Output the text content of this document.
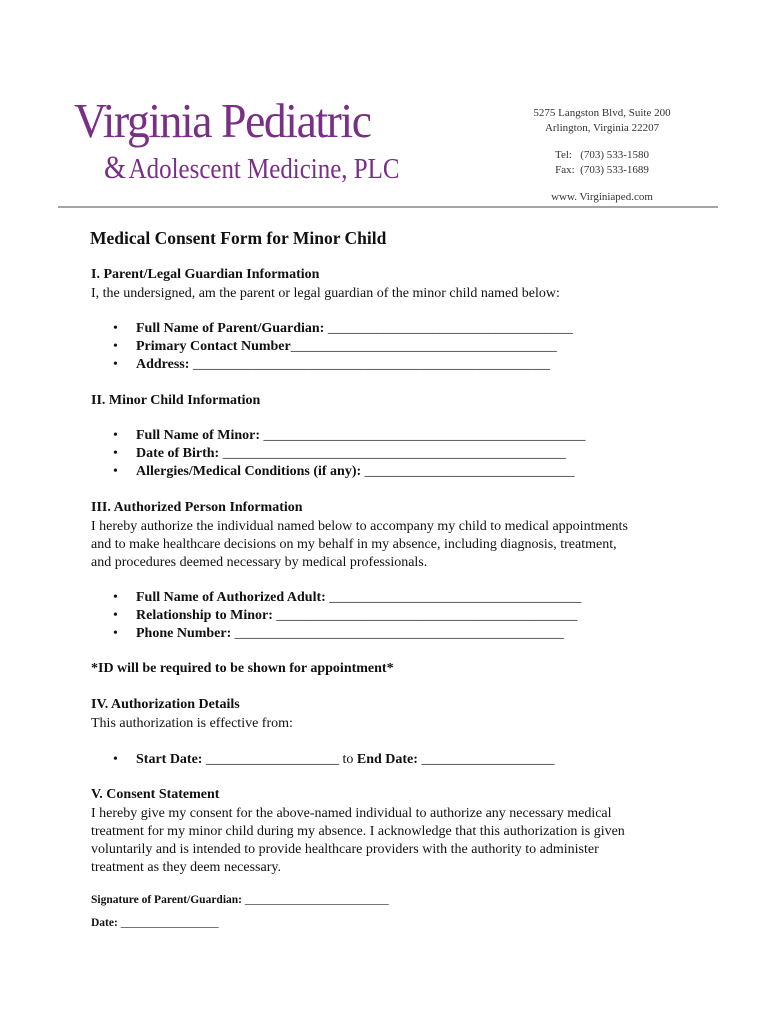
Virginia Pediatric
&Adolescent Medicine, PLC
5275 Langston Blvd, Suite 200
Arlington, Virginia 22207
Tel:   (703) 533-1580
Fax:  (703) 533-1689
www. Virginiaped.com
Medical Consent Form for Minor Child
I. Parent/Legal Guardian Information
I, the undersigned, am the parent or legal guardian of the minor child named below:
• Full Name of Parent/Guardian: ___________________________________
• Primary Contact Number______________________________________
• Address: ___________________________________________________
II. Minor Child Information
• Full Name of Minor: ______________________________________________
• Date of Birth: _________________________________________________
• Allergies/Medical Conditions (if any): ______________________________
III. Authorized Person Information
I hereby authorize the individual named below to accompany my child to medical appointments
and to make healthcare decisions on my behalf in my absence, including diagnosis, treatment,
and procedures deemed necessary by medical professionals.
• Full Name of Authorized Adult: ____________________________________
• Relationship to Minor: ___________________________________________
• Phone Number: _______________________________________________
*ID will be required to be shown for appointment*
IV. Authorization Details
This authorization is effective from:
• Start Date: ___________________ to End Date: ___________________
V. Consent Statement
I hereby give my consent for the above-named individual to authorize any necessary medical
treatment for my minor child during my absence. I acknowledge that this authorization is given
voluntarily and is intended to provide healthcare providers with the authority to administer
treatment as they deem necessary.
Signature of Parent/Guardian: _________________________
Date: _________________
